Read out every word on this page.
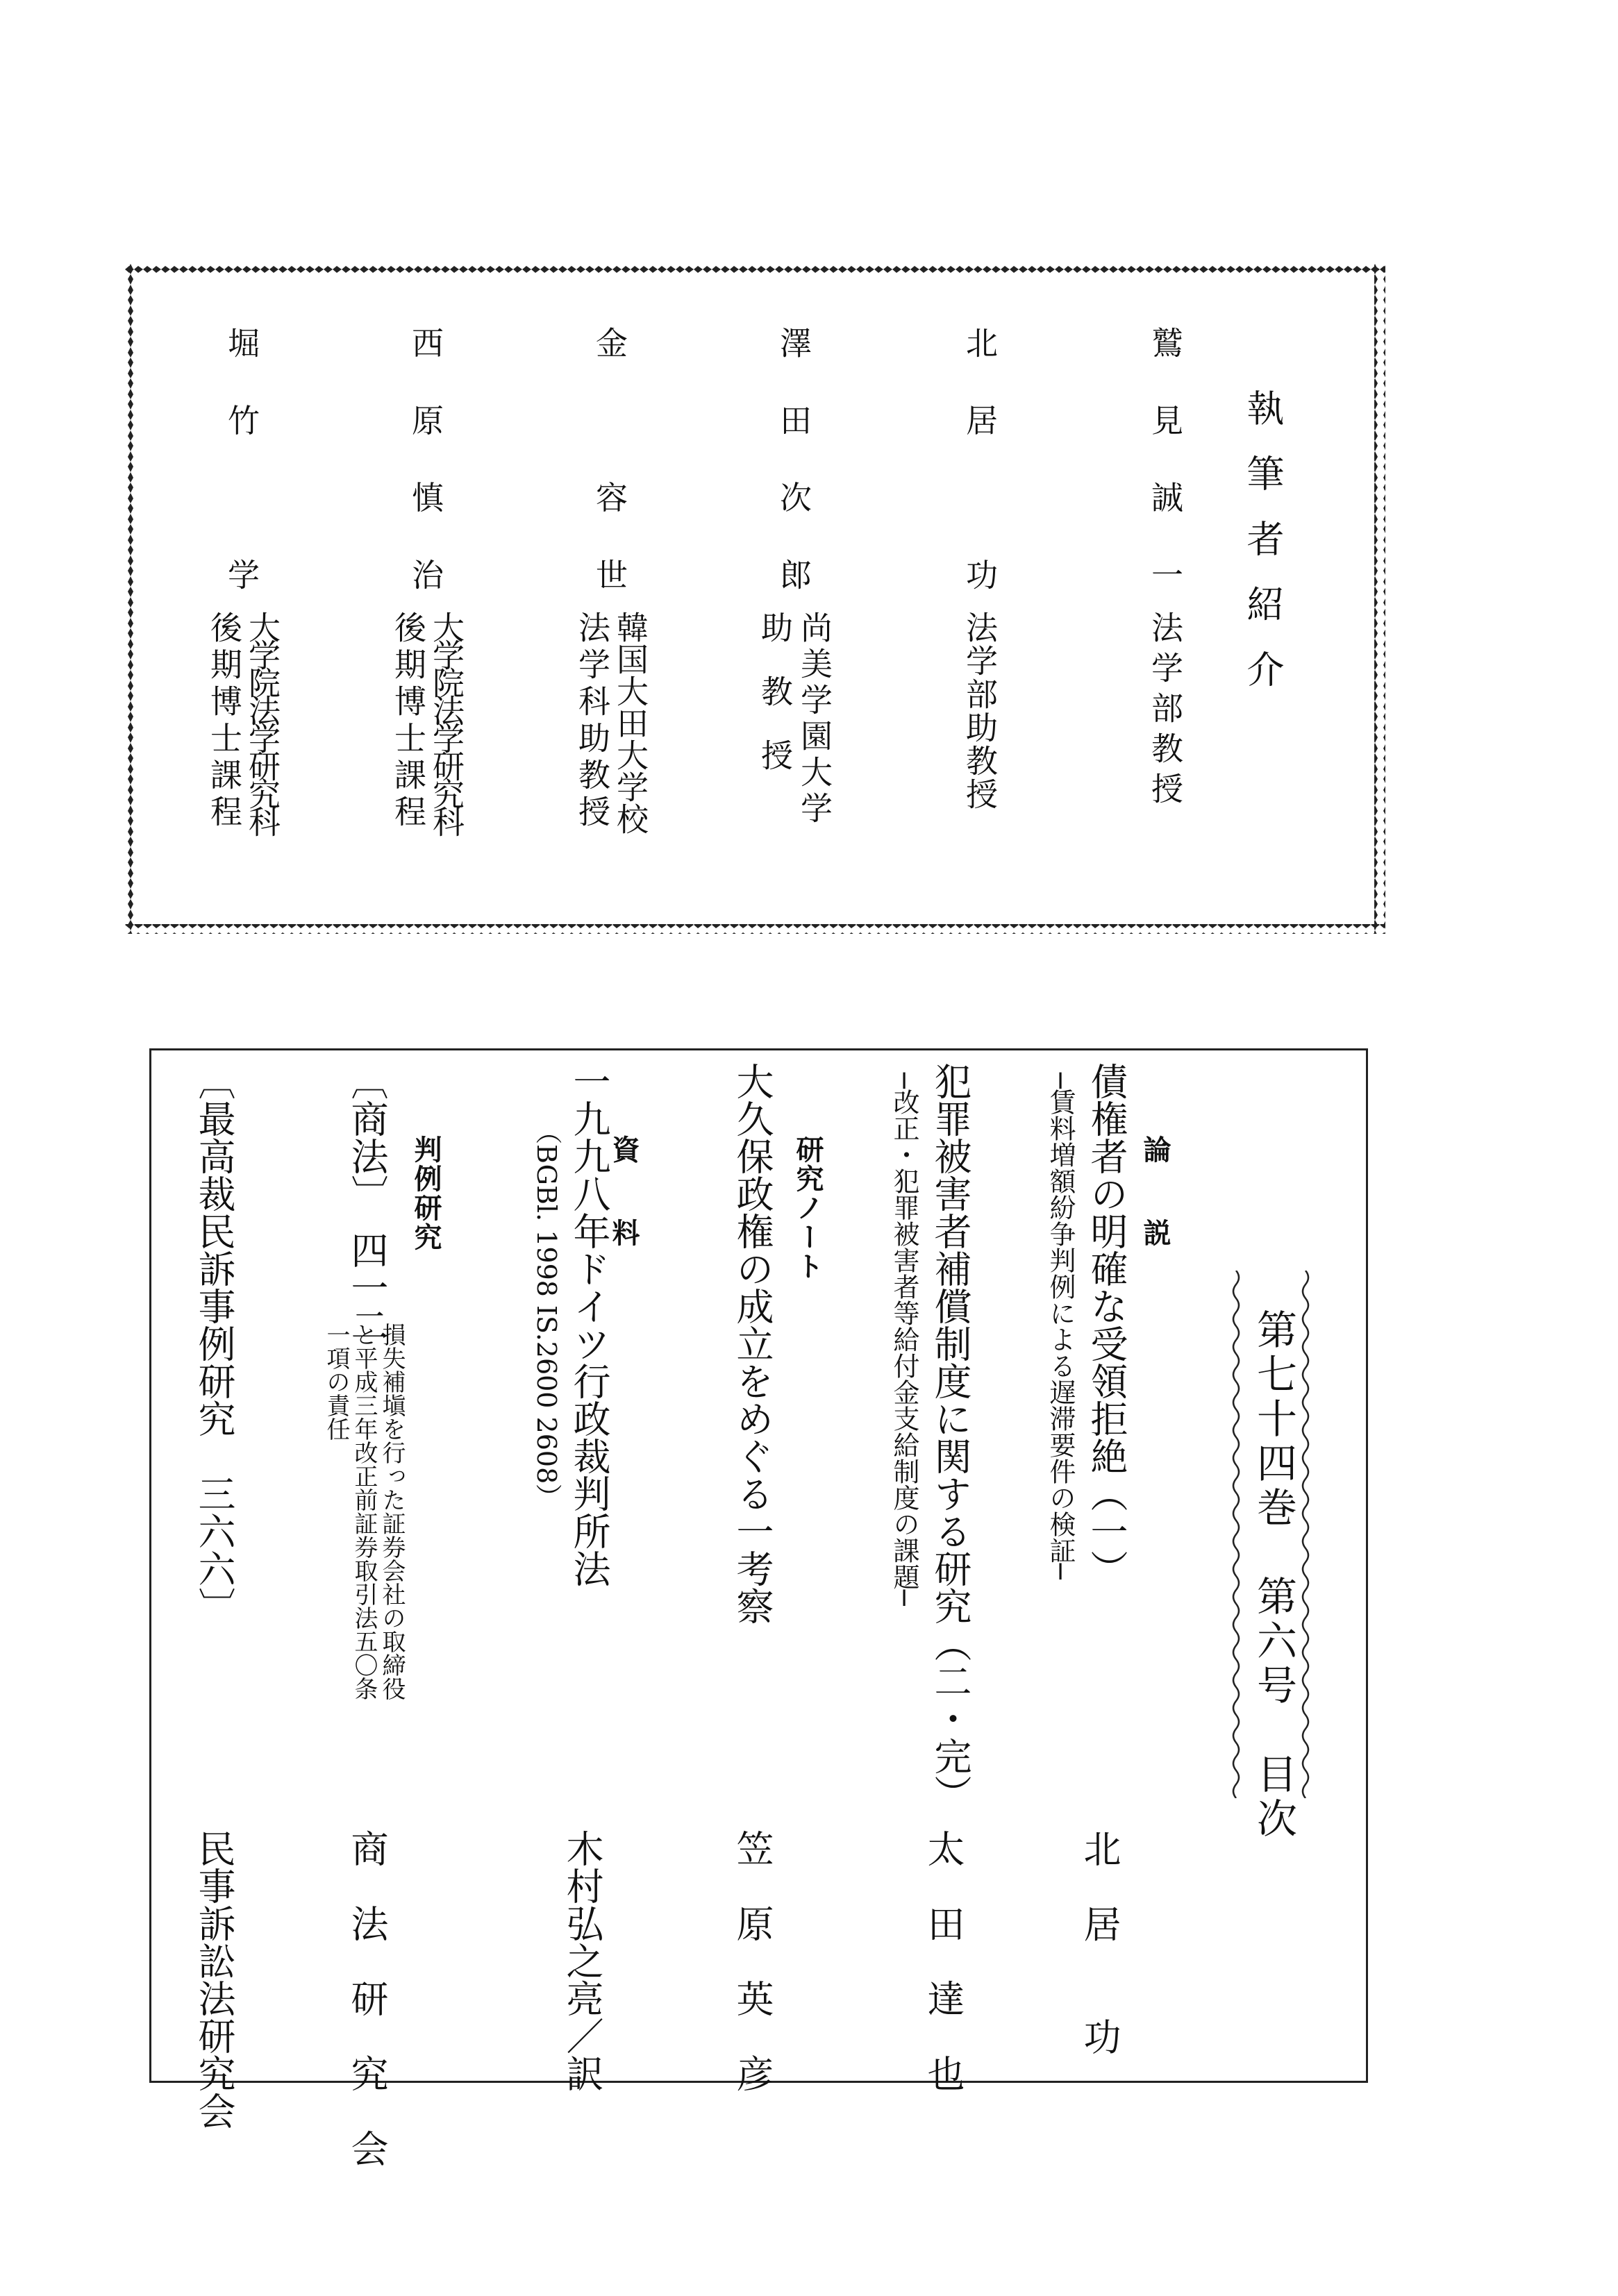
執筆者紹介
鷲見誠一
法学部教授
北居　功
法学部助教授
澤田次郎
尚美学園大学
助　教　授
金　容世
韓国大田大学校
法学科助教授
西原慎治
大学院法学研究科
後期博士課程
堀竹　学
大学院法学研究科
後期博士課程
第七十四巻　第六号　目次
論　説
債権者の明確な受領拒絶（一）
─賃料増額紛争判例による遅滞要件の検証─
北　居　　功
犯罪被害者補償制度に関する研究（二・完）
─改正・犯罪被害者等給付金支給制度の課題─
太　田　達　也
研究ノート
大久保政権の成立をめぐる一考察
笠　原　英　彦
資　料
一九九八年ドイツ行政裁判所法
（BGBl. 1998 IS.2600 2608）
木村弘之亮／訳
判例研究
〔商法〕　四一二
損失補塡を行った証券会社の取締役
と平成三年改正前証券取引法五〇条
一項の責任
商　法　研　究　会
〔最高裁民訴事例研究　三六六〕
民事訴訟法研究会
